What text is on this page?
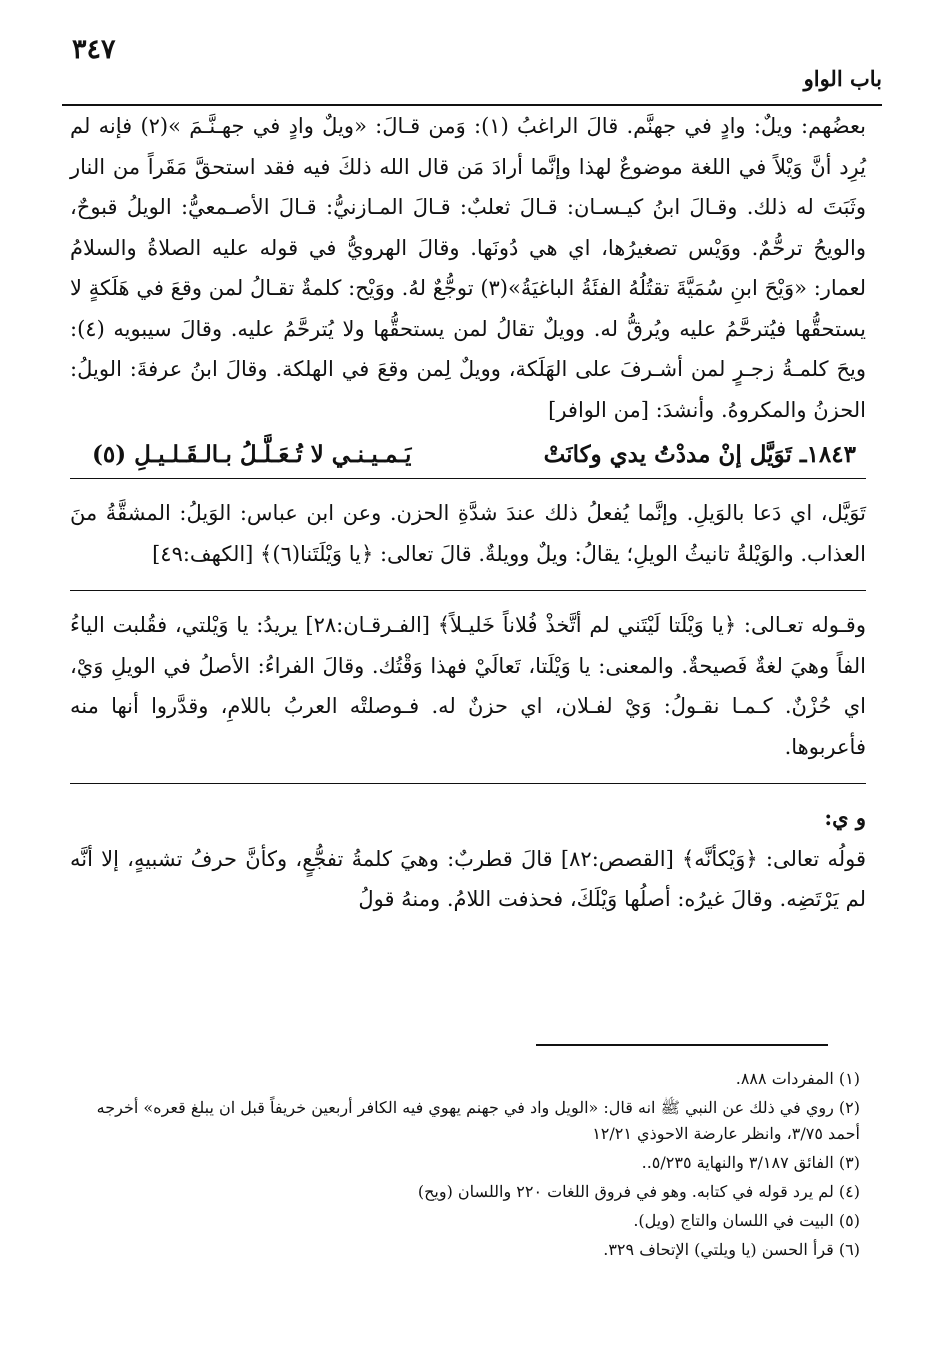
٣٤٧
باب الواو

بعضُهم: ويلٌ: وادٍ في جهنَّم. قالَ الراغبُ (١): وَمن قـالَ: «ويلٌ وادٍ في جهـنَّـمَ »(٢) فإنه لم يُرِد أنَّ وَيْلاً في اللغة موضوعٌ لهذا وإنَّما أرادَ مَن قال الله ذلكَ فيه فقد استحقَّ مَقَراً من النار وثَبَتَ له ذلك. وقـالَ ابنُ كيـسـان: قـالَ ثعلبٌ: قـالَ المـازنيُّ: قـالَ الأصـمعيُّ: الويلُ قبوحٌ، والويحُ ترحُّمٌ. ووَيْس تصغيرُها، اي هي دُونَها. وقالَ الهرويُّ في قوله عليه الصلاةُ والسلامُ لعمار: «وَيْحَ ابنِ سُمَيَّةَ تقتُلُهُ الفئَةُ الباغيَةُ»(٣) توجُّعٌ لهُ. ووَيْح: كلمةٌ تقـالُ لمن وقعَ في هَلَكةٍ لا يستحقُّها فيُترحَّمُ عليه ويُرقُّ له. وويلٌ تقالُ لمن يستحقُّها ولا يُترحَّمُ عليه. وقالَ سيبويه (٤): ويحَ كلمـةُ زجـرٍ لمن أشـرفَ على الهَلَكة، وويلٌ لِمن وقعَ في الهلكة. وقالَ ابنُ عرفةَ: الويلُ: الحزنُ والمكروهُ. وأنشدَ: [من الوافر]

١٨٤٣ـ تَوَيَّل إنْ مددْتُ يدي وكانَتْ
يَـمـيـنـي لا تُـعَـلَّـلُ بـالـقَـلـيـلِ (٥)

تَوَيَّل، اي دَعا بالوَيلِ. وإنَّما يُفعلُ ذلك عندَ شدَّةِ الحزن. وعن ابن عباس: الوَيلُ: المشقَّةُ منَ العذاب. والوَيْلةُ تانيثُ الويلِ؛ يقالُ: ويلٌ وويلةٌ. قالَ تعالى: ﴿يا وَيْلَتَنا(٦)﴾ [الكهف:٤٩]

وقـوله تعـالى: ﴿يا وَيْلَتا لَيْتَني لم أتَّخذْ فُلاناً خَليـلاً﴾ [الفـرقـان:٢٨] يريدُ: يا وَيْلتي، فقُلبت الياءُ الفاً وهيَ لغةٌ فَصيحةٌ. والمعنى: يا وَيْلَتا، تَعالَيْ فهذا وَقْتُك. وقالَ الفراءُ: الأصلُ في الويلِ وَيْ، اي حُزْنٌ. كـمـا نقـولُ: وَيْ لفـلان، اي حزنٌ له. فـوصلتْه العربُ باللامِ، وقدَّروا أنها منه فأعربوها.

و ي:

قولُه تعالى: ﴿وَيْكأنَّه﴾ [القصص:٨٢] قالَ قطربٌ: وهيَ كلمةُ تفجُّعٍ، وكأنَّ حرفُ تشبيهٍ، إلا أنَّه لم يَرْتَضِه. وقالَ غيرُه: أصلُها وَيْلَكَ، فحذفت اللامُ. ومنهُ قولُ

(١) المفردات ٨٨٨.

(٢) روي في ذلك عن النبي ﷺ انه قال: «الويل واد في جهنم يهوي فيه الكافر أربعين خريفاً قبل ان يبلغ قعره» أخرجه أحمد ٣/٧٥، وانظر عارضة الاحوذي ١٢/٢١

(٣) الفائق ٣/١٨٧ والنهاية ٥/٢٣٥..

(٤) لم يرد قوله في كتابه. وهو في فروق اللغات ٢٢٠ واللسان (ويح)

(٥) البيت في اللسان والتاج (ويل).

(٦) قرأ الحسن (يا ويلتي) الإتحاف ٣٢٩.
